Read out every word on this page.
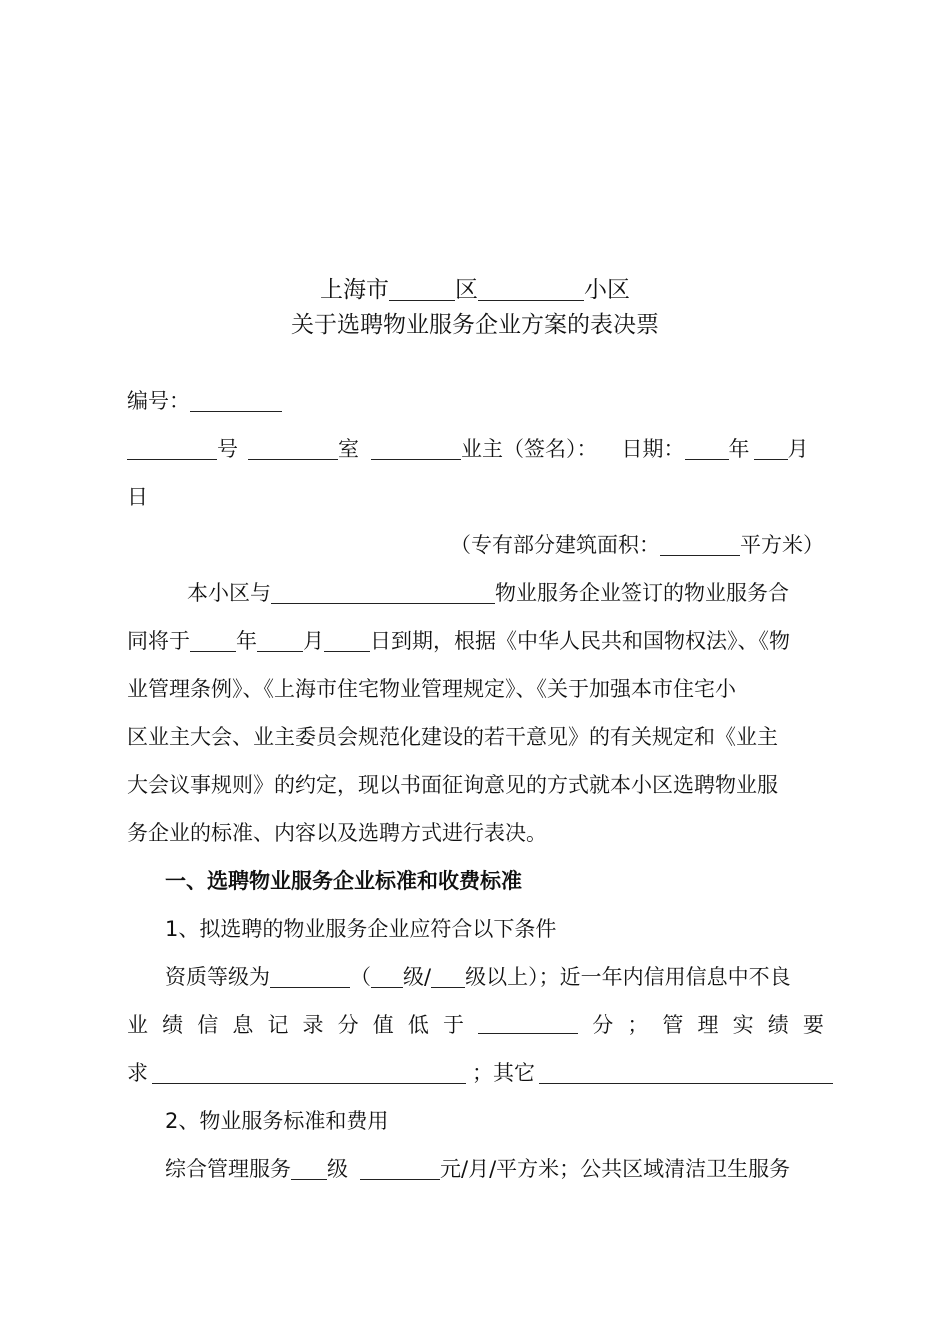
上海市	区	小区
关于选聘物业服务企业方案的表决票
编号：
号	室	业主（签名）： 日期： 年 月
日
（专有部分建筑面积：	平方米）
本小区与	物业服务企业签订的物业服务合
同将于 年 月 日到期，根据《中华人民共和国物权法》、《物
业管理条例》、《上海市住宅物业管理规定》、《关于加强本市住宅小
区业主大会、业主委员会规范化建设的若干意见》的有关规定和《业主
大会议事规则》的约定，现以书面征询意见的方式就本小区选聘物业服
务企业的标准、内容以及选聘方式进行表决。
一、选聘物业服务企业标准和收费标准
1、拟选聘的物业服务企业应符合以下条件
资质等级为	（ 级/ 级以上）；近一年内信用信息中不良
业 绩 信 息 记 录 分 值 低 于	分 ； 管 理 实 绩 要
求	；其它
2、物业服务标准和费用
综合管理服务 级	元/月/平方米；公共区域清洁卫生服务
